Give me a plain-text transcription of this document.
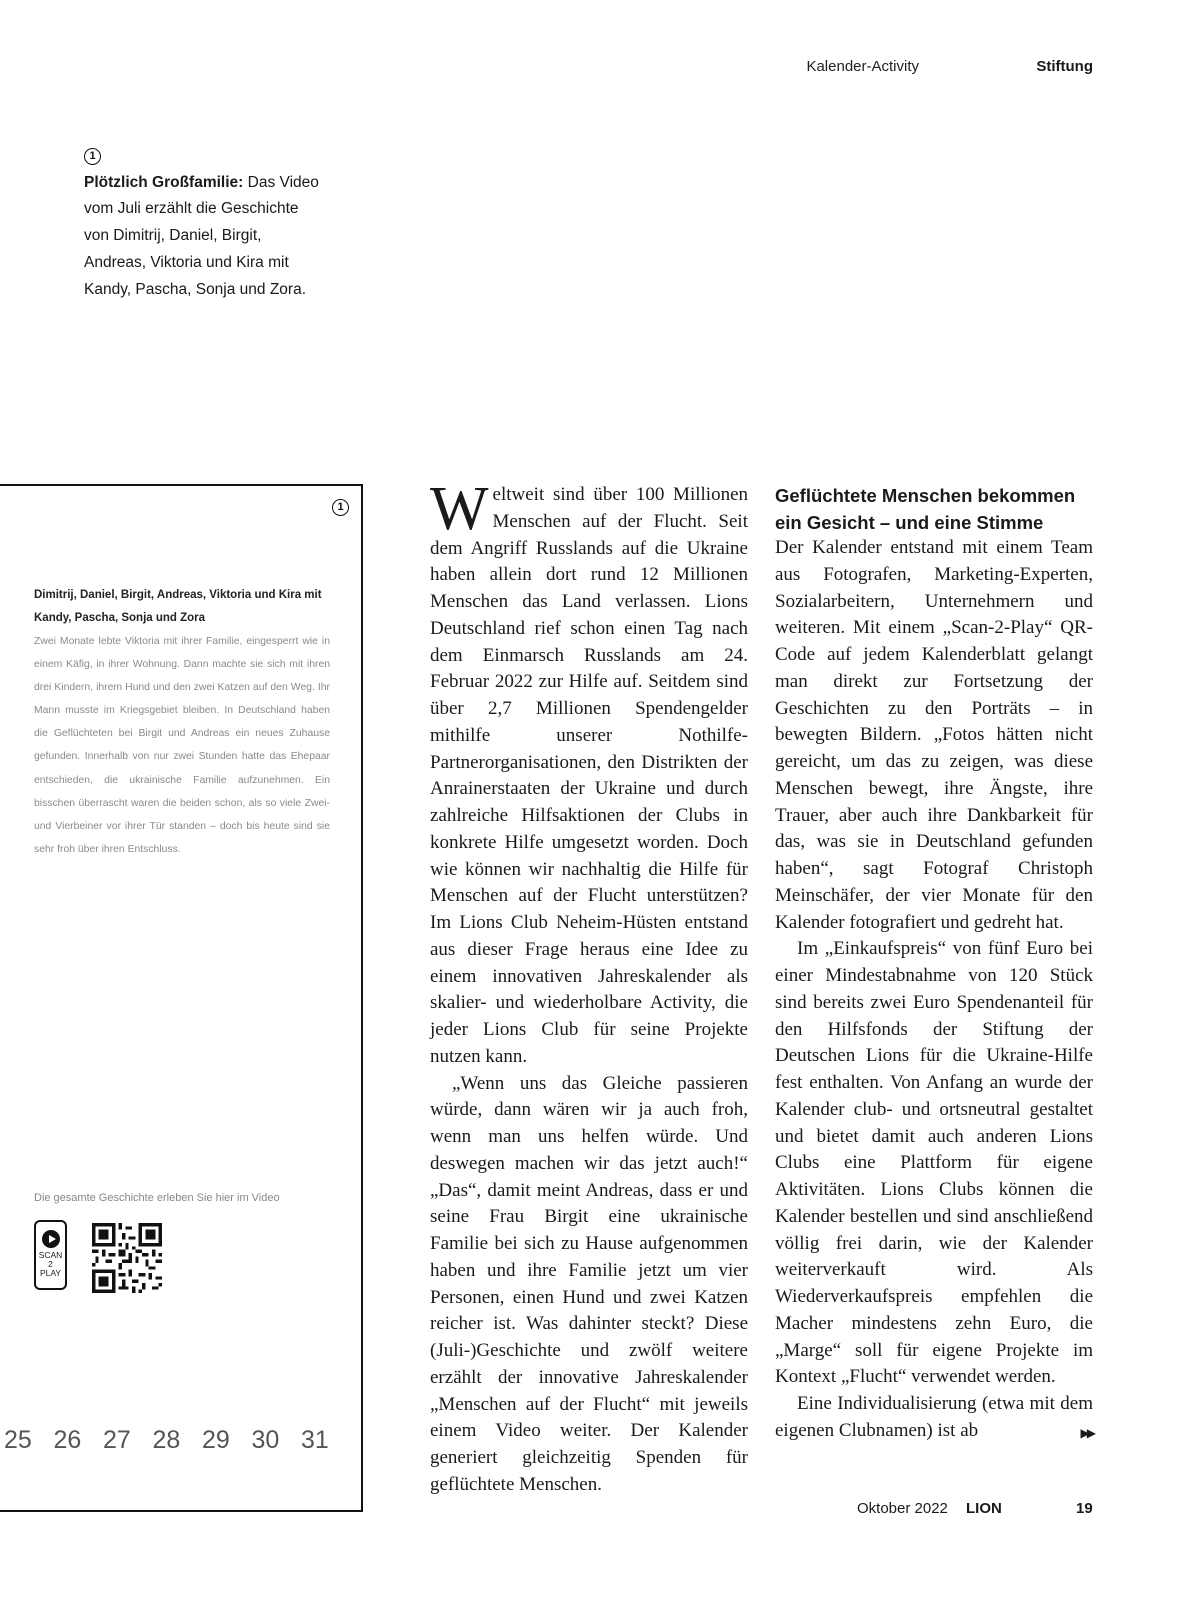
Kalender-Activity	Stiftung
1
Plötzlich Großfamilie: Das Video vom Juli erzählt die Geschichte von Dimitrij, Daniel, Birgit, Andreas, Viktoria und Kira mit Kandy, Pascha, Sonja und Zora.
1
Dimitrij, Daniel, Birgit, Andreas, Viktoria und Kira mit Kandy, Pascha, Sonja und Zora
Zwei Monate lebte Viktoria mit ihrer Familie, eingesperrt wie in einem Käfig, in ihrer Wohnung. Dann machte sie sich mit ihren drei Kindern, ihrem Hund und den zwei Katzen auf den Weg. Ihr Mann musste im Kriegsgebiet bleiben. In Deutschland haben die Geflüchteten bei Birgit und Andreas ein neues Zuhause gefunden. Innerhalb von nur zwei Stunden hatte das Ehepaar entschieden, die ukrainische Familie aufzunehmen. Ein bisschen überrascht waren die beiden schon, als so viele Zwei- und Vierbeiner vor ihrer Tür standen – doch bis heute sind sie sehr froh über ihren Entschluss.
Die gesamte Geschichte erleben Sie hier im Video
SCAN
2
PLAY
25 26 27 28 29 30 31

Weltweit sind über 100 Millionen Menschen auf der Flucht. Seit dem Angriff Russlands auf die Ukraine haben allein dort rund 12 Millionen Menschen das Land verlassen. Lions Deutschland rief schon einen Tag nach dem Einmarsch Russlands am 24. Februar 2022 zur Hilfe auf. Seitdem sind über 2,7 Millionen Spendengelder mithilfe unserer Nothilfe-Partnerorganisationen, den Distrikten der Anrainerstaaten der Ukraine und durch zahlreiche Hilfsaktionen der Clubs in konkrete Hilfe umgesetzt worden. Doch wie können wir nachhaltig die Hilfe für Menschen auf der Flucht unterstützen? Im Lions Club Neheim-Hüsten entstand aus dieser Frage heraus eine Idee zu einem innovativen Jahreskalender als skalier- und wiederholbare Activity, die jeder Lions Club für seine Projekte nutzen kann.

„Wenn uns das Gleiche passieren würde, dann wären wir ja auch froh, wenn man uns helfen würde. Und deswegen machen wir das jetzt auch!“ „Das“, damit meint Andreas, dass er und seine Frau Birgit eine ukrainische Familie bei sich zu Hause aufgenommen haben und ihre Familie jetzt um vier Personen, einen Hund und zwei Katzen reicher ist. Was dahinter steckt? Diese (Juli-)Geschichte und zwölf weitere erzählt der innovative Jahreskalender „Menschen auf der Flucht“ mit jeweils einem Video weiter. Der Kalender generiert gleichzeitig Spenden für geflüchtete Menschen.

Geflüchtete Menschen bekommen ein Gesicht – und eine Stimme

Der Kalender entstand mit einem Team aus Fotografen, Marketing-Experten, Sozialarbeitern, Unternehmern und weiteren. Mit einem „Scan-2-Play“ QR-Code auf jedem Kalenderblatt gelangt man direkt zur Fortsetzung der Geschichten zu den Porträts – in bewegten Bildern. „Fotos hätten nicht gereicht, um das zu zeigen, was diese Menschen bewegt, ihre Ängste, ihre Trauer, aber auch ihre Dankbarkeit für das, was sie in Deutschland gefunden haben“, sagt Fotograf Christoph Meinschäfer, der vier Monate für den Kalender fotografiert und gedreht hat.

Im „Einkaufspreis“ von fünf Euro bei einer Mindestabnahme von 120 Stück sind bereits zwei Euro Spendenanteil für den Hilfsfonds der Stiftung der Deutschen Lions für die Ukraine-Hilfe fest enthalten. Von Anfang an wurde der Kalender club- und ortsneutral gestaltet und bietet damit auch anderen Lions Clubs eine Plattform für eigene Aktivitäten. Lions Clubs können die Kalender bestellen und sind anschließend völlig frei darin, wie der Kalender weiterverkauft wird. Als Wiederverkaufspreis empfehlen die Macher mindestens zehn Euro, die „Marge“ soll für eigene Projekte im Kontext „Flucht“ verwendet werden.

Eine Individualisierung (etwa mit dem eigenen Clubnamen) ist ab	▶▶

Oktober 2022 LION	19
